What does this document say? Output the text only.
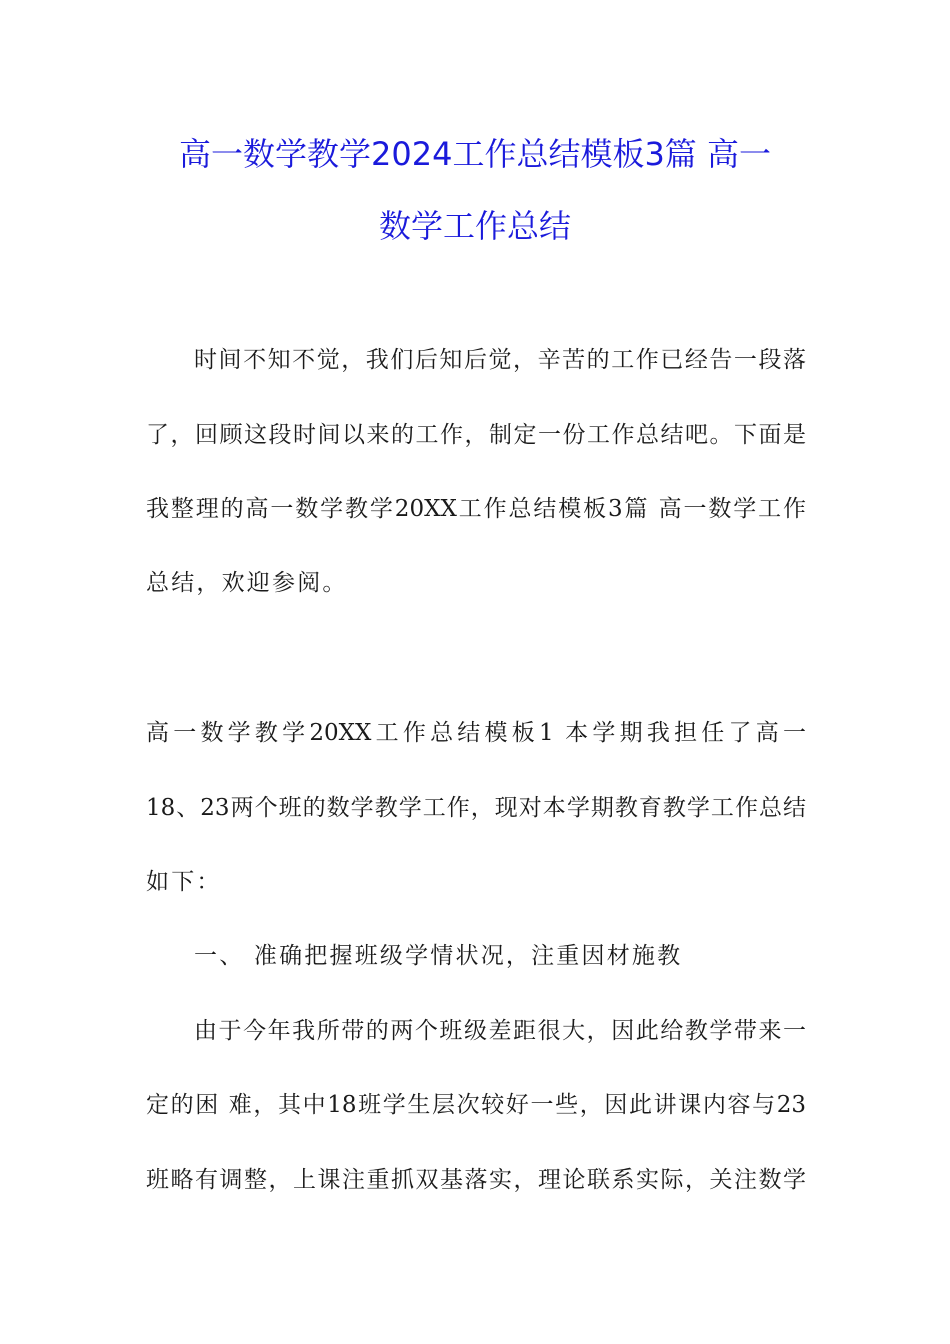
高一数学教学2024工作总结模板3篇 高一
数学工作总结
时间不知不觉，我们后知后觉，辛苦的工作已经告一段落
了，回顾这段时间以来的工作，制定一份工作总结吧。下面是
我整理的高一数学教学20XX工作总结模板3篇 高一数学工作
总结，欢迎参阅。
高一数学教学20XX工作总结模板1 本学期我担任了高一
18、23两个班的数学教学工作，现对本学期教育教学工作总结
如下：
一、 准确把握班级学情状况，注重因材施教
由于今年我所带的两个班级差距很大，因此给教学带来一
定的困 难，其中18班学生层次较好一些，因此讲课内容与23
班略有调整，上课注重抓双基落实，理论联系实际，关注数学
